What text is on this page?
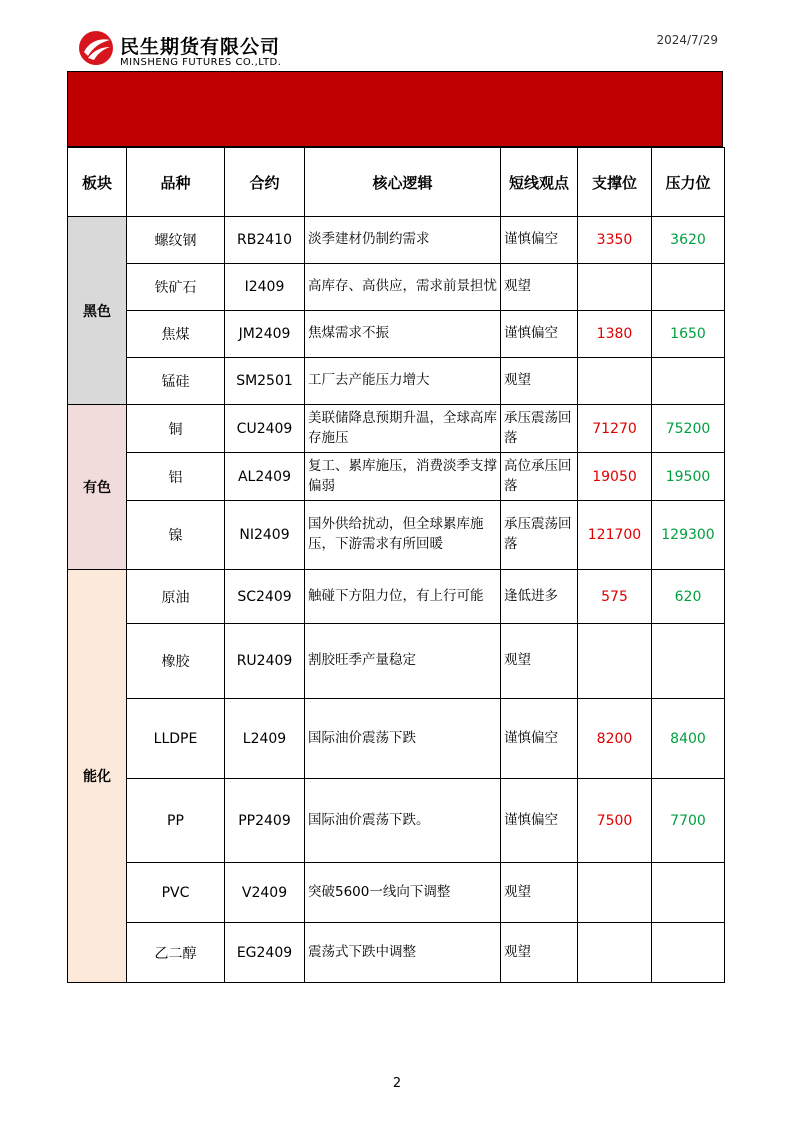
民生期货有限公司
MINSHENG FUTURES CO.,LTD.
2024/7/29
板块	品种	合约	核心逻辑	短线观点	支撑位	压力位
黑色	螺纹钢	RB2410	淡季建材仍制约需求	谨慎偏空	3350	3620
	铁矿石	I2409	高库存、高供应，需求前景担忧	观望		
	焦煤	JM2409	焦煤需求不振	谨慎偏空	1380	1650
	锰硅	SM2501	工厂去产能压力增大	观望		
有色	铜	CU2409	美联储降息预期升温，全球高库存施压	承压震荡回落	71270	75200
	铝	AL2409	复工、累库施压，消费淡季支撑偏弱	高位承压回落	19050	19500
	镍	NI2409	国外供给扰动，但全球累库施压，下游需求有所回暖	承压震荡回落	121700	129300
能化	原油	SC2409	触碰下方阻力位，有上行可能	逢低进多	575	620
	橡胶	RU2409	割胶旺季产量稳定	观望		
	LLDPE	L2409	国际油价震荡下跌	谨慎偏空	8200	8400
	PP	PP2409	国际油价震荡下跌。	谨慎偏空	7500	7700
	PVC	V2409	突破5600一线向下调整	观望		
	乙二醇	EG2409	震荡式下跌中调整	观望		
2
